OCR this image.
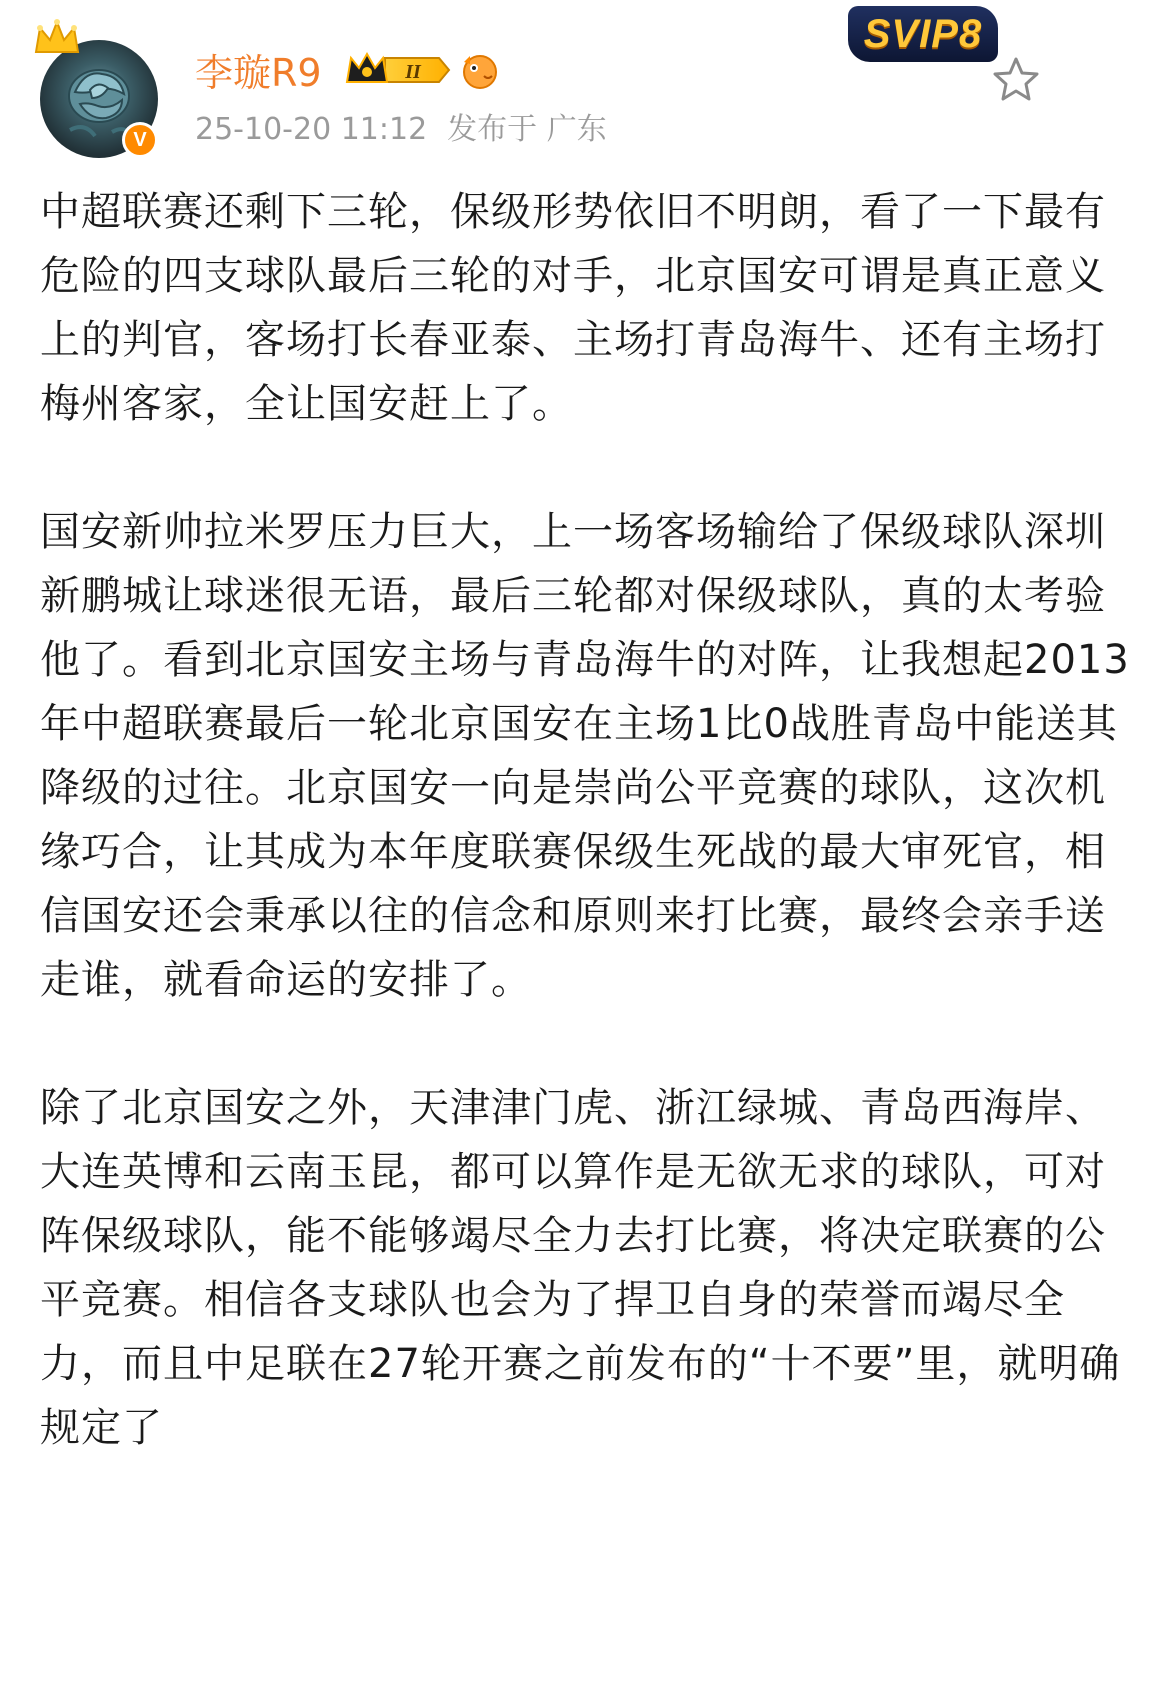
V
李璇R9	II
25-10-20 11:12 发布于 广东
SVIP8

中超联赛还剩下三轮，保级形势依旧不明朗，看了一下最有危险的四支球队最后三轮的对手，北京国安可谓是真正意义上的判官，客场打长春亚泰、主场打青岛海牛、还有主场打梅州客家，全让国安赶上了。

国安新帅拉米罗压力巨大，上一场客场输给了保级球队深圳新鹏城让球迷很无语，最后三轮都对保级球队，真的太考验他了。看到北京国安主场与青岛海牛的对阵，让我想起2013年中超联赛最后一轮北京国安在主场1比0战胜青岛中能送其降级的过往。北京国安一向是崇尚公平竞赛的球队，这次机缘巧合，让其成为本年度联赛保级生死战的最大审死官，相信国安还会秉承以往的信念和原则来打比赛，最终会亲手送走谁，就看命运的安排了。

除了北京国安之外，天津津门虎、浙江绿城、青岛西海岸、大连英博和云南玉昆，都可以算作是无欲无求的球队，可对阵保级球队，能不能够竭尽全力去打比赛，将决定联赛的公平竞赛。相信各支球队也会为了捍卫自身的荣誉而竭尽全力，而且中足联在27轮开赛之前发布的“十不要”里，就明确规定了
